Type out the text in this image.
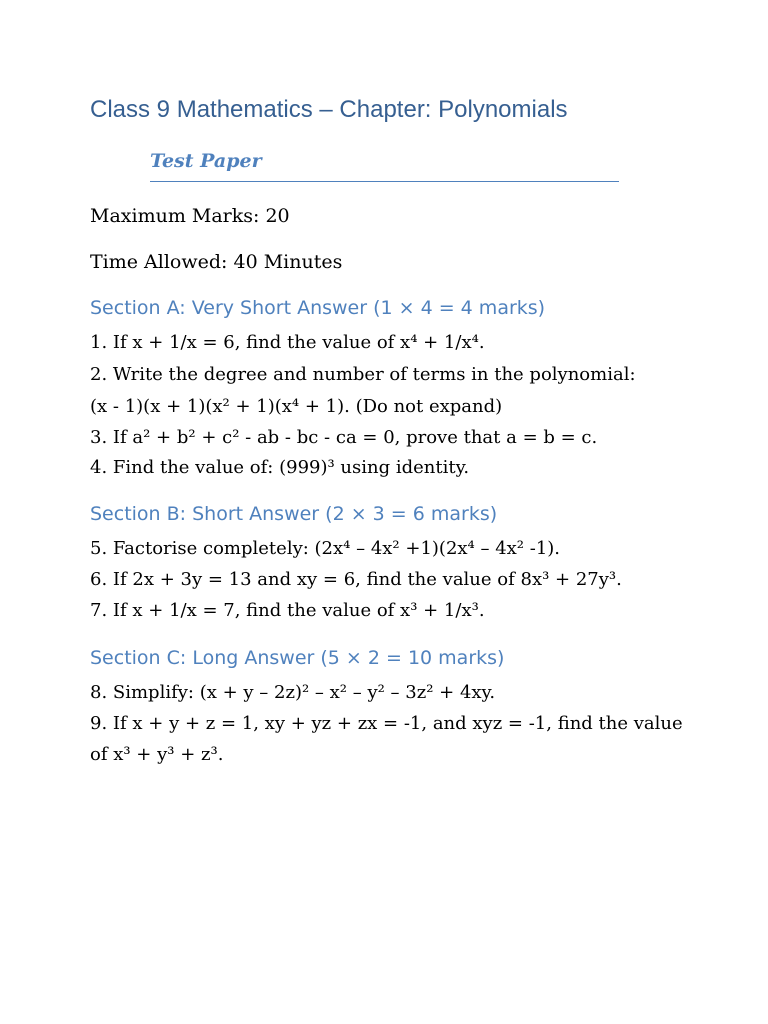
Class 9 Mathematics – Chapter: Polynomials
Test Paper
Maximum Marks: 20
Time Allowed: 40 Minutes
Section A: Very Short Answer (1 × 4 = 4 marks)
1. If x + 1/x = 6, find the value of x⁴ + 1/x⁴.
2. Write the degree and number of terms in the polynomial:
(x - 1)(x + 1)(x² + 1)(x⁴ + 1). (Do not expand)
3. If a² + b² + c² - ab - bc - ca = 0, prove that a = b = c.
4. Find the value of: (999)³ using identity.
Section B: Short Answer (2 × 3 = 6 marks)
5. Factorise completely: (2x⁴ – 4x² +1)(2x⁴ – 4x² -1).
6. If 2x + 3y = 13 and xy = 6, find the value of 8x³ + 27y³.
7. If x + 1/x = 7, find the value of x³ + 1/x³.
Section C: Long Answer (5 × 2 = 10 marks)
8. Simplify: (x + y – 2z)² – x² – y² – 3z² + 4xy.
9. If x + y + z = 1, xy + yz + zx = -1, and xyz = -1, find the value
of x³ + y³ + z³.
